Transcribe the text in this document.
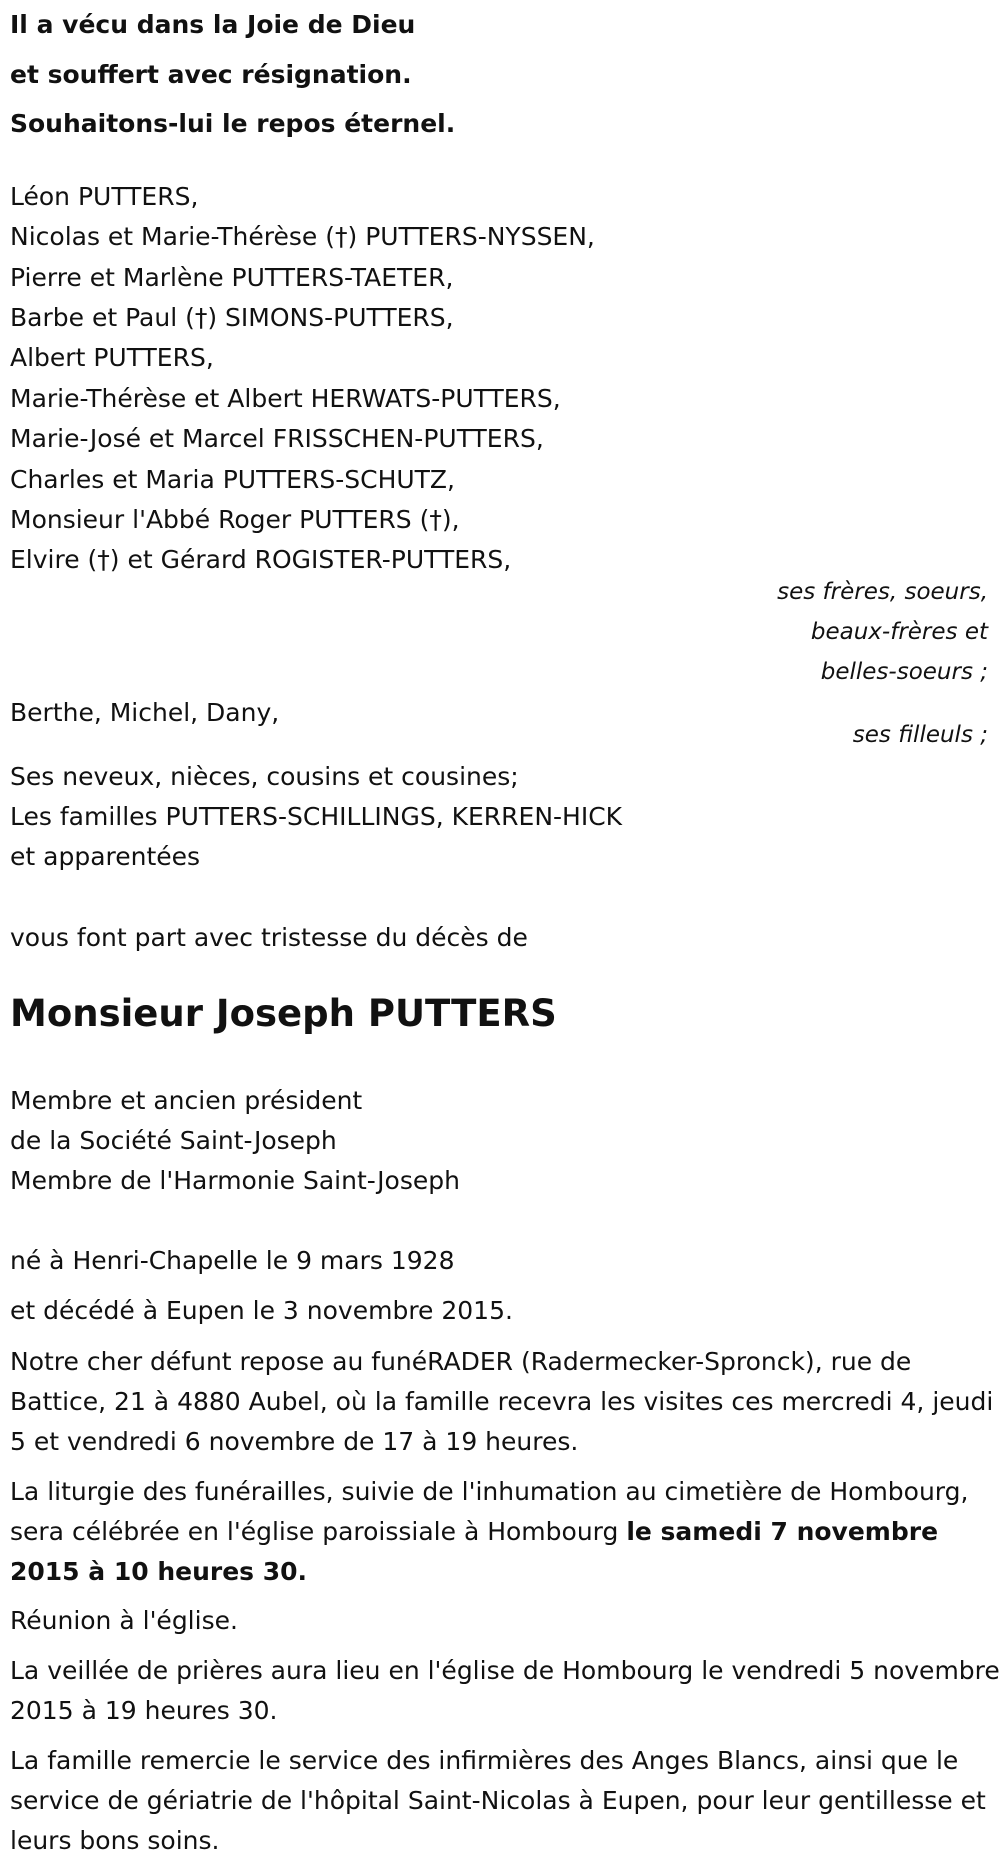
Il a vécu dans la Joie de Dieu
et souffert avec résignation.
Souhaitons-lui le repos éternel.
Léon PUTTERS,
Nicolas et Marie-Thérèse (†) PUTTERS-NYSSEN,
Pierre et Marlène PUTTERS-TAETER,
Barbe et Paul (†) SIMONS-PUTTERS,
Albert PUTTERS,
Marie-Thérèse et Albert HERWATS-PUTTERS,
Marie-José et Marcel FRISSCHEN-PUTTERS,
Charles et Maria PUTTERS-SCHUTZ,
Monsieur l'Abbé Roger PUTTERS (†),
Elvire (†) et Gérard ROGISTER-PUTTERS,
ses frères, soeurs,
beaux-frères et
belles-soeurs ;
Berthe, Michel, Dany,
ses filleuls ;
Ses neveux, nièces, cousins et cousines;
Les familles PUTTERS-SCHILLINGS, KERREN-HICK
et apparentées
vous font part avec tristesse du décès de
Monsieur Joseph PUTTERS
Membre et ancien président
de la Société Saint-Joseph
Membre de l'Harmonie Saint-Joseph
né à Henri-Chapelle le 9 mars 1928
et décédé à Eupen le 3 novembre 2015.
Notre cher défunt repose au funéRADER (Radermecker-Spronck), rue de Battice, 21 à 4880 Aubel, où la famille recevra les visites ces mercredi 4, jeudi 5 et vendredi 6 novembre de 17 à 19 heures.
La liturgie des funérailles, suivie de l'inhumation au cimetière de Hombourg, sera célébrée en l'église paroissiale à Hombourg le samedi 7 novembre 2015 à 10 heures 30.
Réunion à l'église.
La veillée de prières aura lieu en l'église de Hombourg le vendredi 5 novembre 2015 à 19 heures 30.
La famille remercie le service des infirmières des Anges Blancs, ainsi que le service de gériatrie de l'hôpital Saint-Nicolas à Eupen, pour leur gentillesse et leurs bons soins.
